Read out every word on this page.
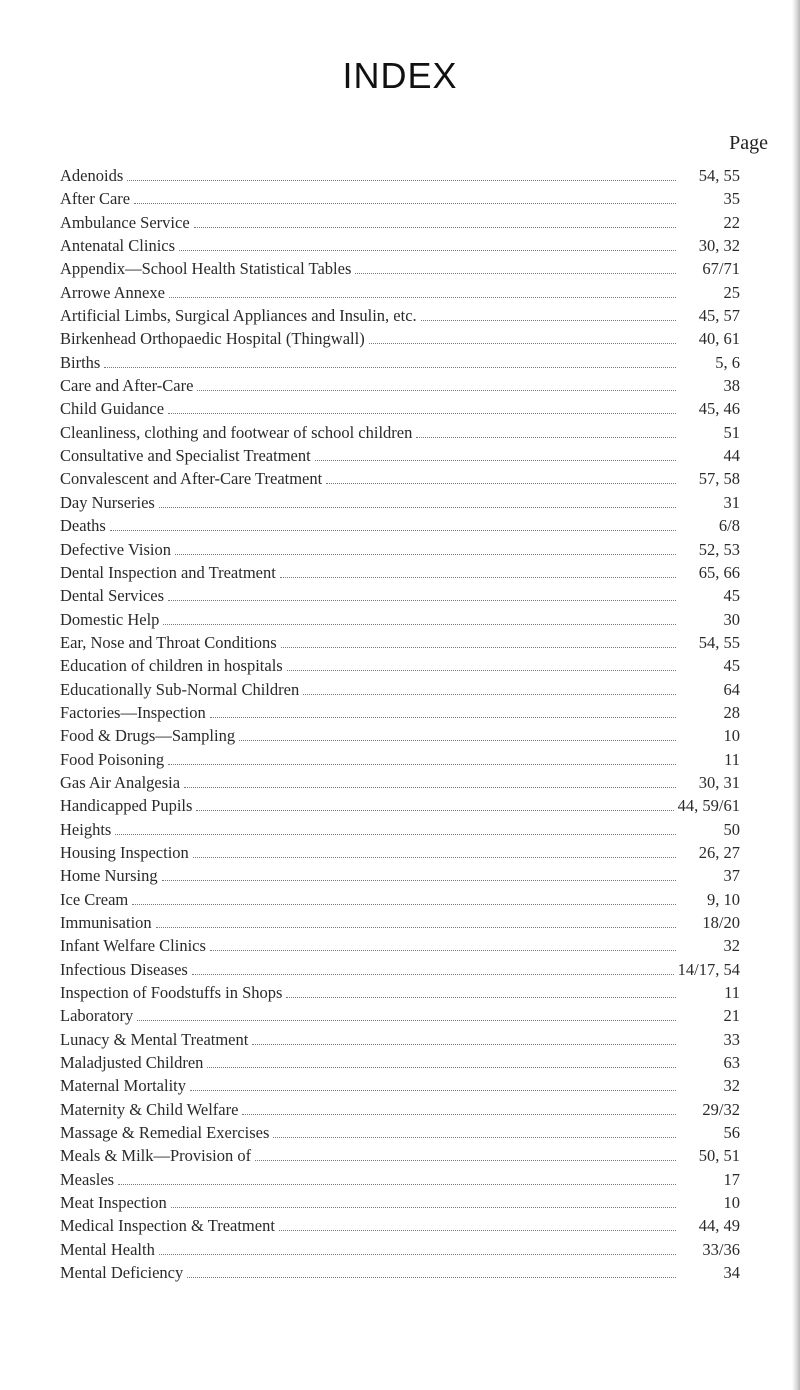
INDEX
Page
Adenoids	54, 55
After Care	35
Ambulance Service	22
Antenatal Clinics	30, 32
Appendix—School Health Statistical Tables	67/71
Arrowe Annexe	25
Artificial Limbs, Surgical Appliances and Insulin, etc.	45, 57
Birkenhead Orthopaedic Hospital (Thingwall)	40, 61
Births	5, 6
Care and After-Care	38
Child Guidance	45, 46
Cleanliness, clothing and footwear of school children	51
Consultative and Specialist Treatment	44
Convalescent and After-Care Treatment	57, 58
Day Nurseries	31
Deaths	6/8
Defective Vision	52, 53
Dental Inspection and Treatment	65, 66
Dental Services	45
Domestic Help	30
Ear, Nose and Throat Conditions	54, 55
Education of children in hospitals	45
Educationally Sub-Normal Children	64
Factories—Inspection	28
Food & Drugs—Sampling	10
Food Poisoning	11
Gas Air Analgesia	30, 31
Handicapped Pupils	44, 59/61
Heights	50
Housing Inspection	26, 27
Home Nursing	37
Ice Cream	9, 10
Immunisation	18/20
Infant Welfare Clinics	32
Infectious Diseases	14/17, 54
Inspection of Foodstuffs in Shops	11
Laboratory	21
Lunacy & Mental Treatment	33
Maladjusted Children	63
Maternal Mortality	32
Maternity & Child Welfare	29/32
Massage & Remedial Exercises	56
Meals & Milk—Provision of	50, 51
Measles	17
Meat Inspection	10
Medical Inspection & Treatment	44, 49
Mental Health	33/36
Mental Deficiency	34
